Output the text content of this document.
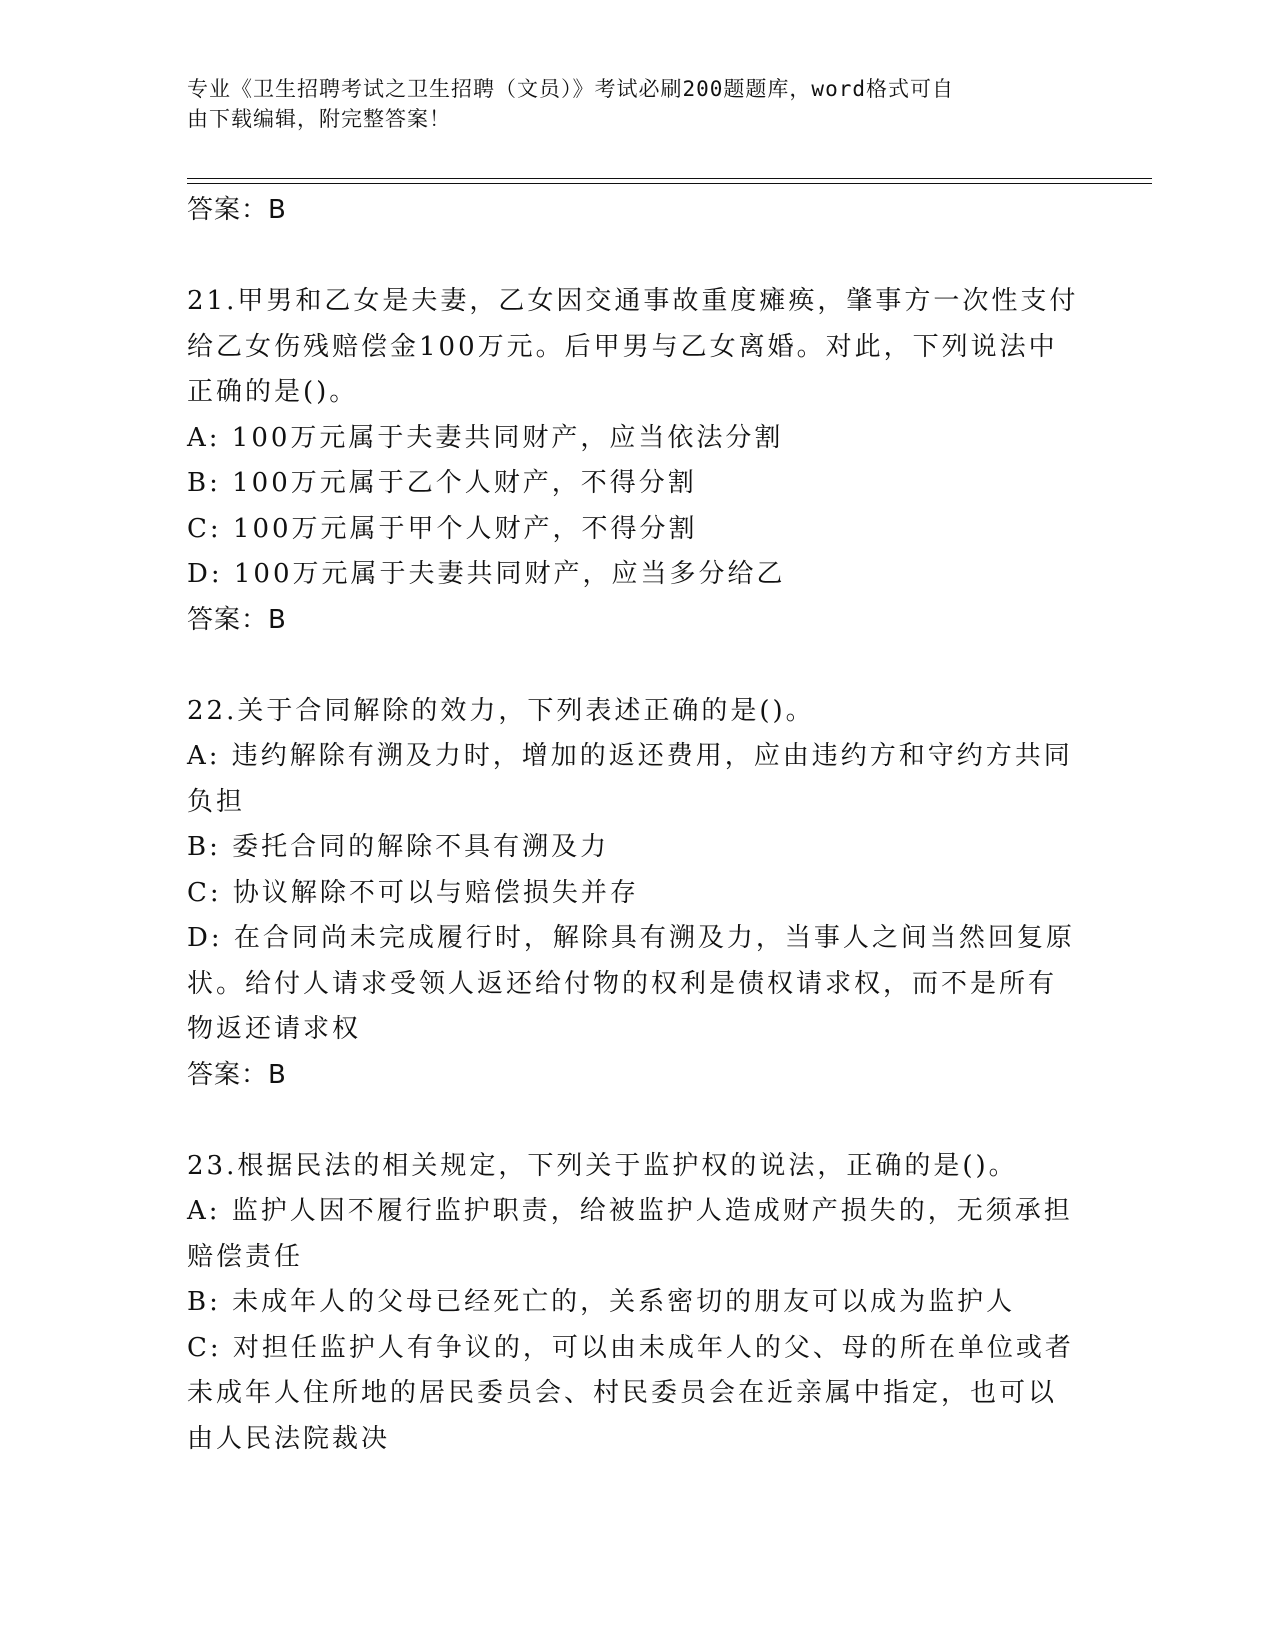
专业《卫生招聘考试之卫生招聘（文员）》考试必刷200题题库，word格式可自
由下载编辑，附完整答案！
答案：B
21.甲男和乙女是夫妻，乙女因交通事故重度瘫痪，肇事方一次性支付
给乙女伤残赔偿金100万元。后甲男与乙女离婚。对此，下列说法中
正确的是()。
A: 100万元属于夫妻共同财产，应当依法分割
B: 100万元属于乙个人财产，不得分割
C: 100万元属于甲个人财产，不得分割
D: 100万元属于夫妻共同财产，应当多分给乙
答案：B
22.关于合同解除的效力，下列表述正确的是()。
A: 违约解除有溯及力时，增加的返还费用，应由违约方和守约方共同
负担
B: 委托合同的解除不具有溯及力
C: 协议解除不可以与赔偿损失并存
D: 在合同尚未完成履行时，解除具有溯及力，当事人之间当然回复原
状。给付人请求受领人返还给付物的权利是债权请求权，而不是所有
物返还请求权
答案：B
23.根据民法的相关规定，下列关于监护权的说法，正确的是()。
A: 监护人因不履行监护职责，给被监护人造成财产损失的，无须承担
赔偿责任
B: 未成年人的父母已经死亡的，关系密切的朋友可以成为监护人
C: 对担任监护人有争议的，可以由未成年人的父、母的所在单位或者
未成年人住所地的居民委员会、村民委员会在近亲属中指定，也可以
由人民法院裁决
